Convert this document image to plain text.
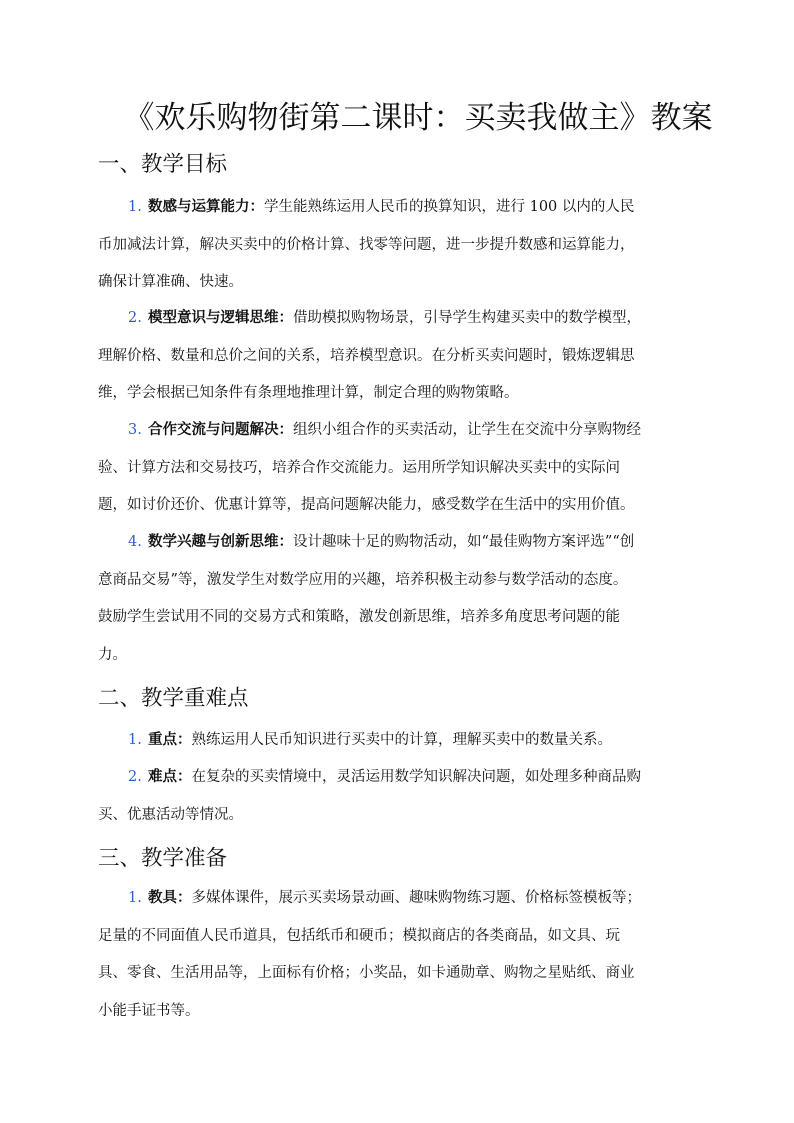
《欢乐购物街第二课时：买卖我做主》教案
一、教学目标
1. 数感与运算能力：学生能熟练运用人民币的换算知识，进行 100 以内的人民
币加减法计算，解决买卖中的价格计算、找零等问题，进一步提升数感和运算能力，
确保计算准确、快速。
2. 模型意识与逻辑思维：借助模拟购物场景，引导学生构建买卖中的数学模型，
理解价格、数量和总价之间的关系，培养模型意识。在分析买卖问题时，锻炼逻辑思
维，学会根据已知条件有条理地推理计算，制定合理的购物策略。
3. 合作交流与问题解决：组织小组合作的买卖活动，让学生在交流中分享购物经
验、计算方法和交易技巧，培养合作交流能力。运用所学知识解决买卖中的实际问
题，如讨价还价、优惠计算等，提高问题解决能力，感受数学在生活中的实用价值。
4. 数学兴趣与创新思维：设计趣味十足的购物活动，如“最佳购物方案评选”“创
意商品交易”等，激发学生对数学应用的兴趣，培养积极主动参与数学活动的态度。
鼓励学生尝试用不同的交易方式和策略，激发创新思维，培养多角度思考问题的能
力。
二、教学重难点
1. 重点：熟练运用人民币知识进行买卖中的计算，理解买卖中的数量关系。
2. 难点：在复杂的买卖情境中，灵活运用数学知识解决问题，如处理多种商品购
买、优惠活动等情况。
三、教学准备
1. 教具：多媒体课件，展示买卖场景动画、趣味购物练习题、价格标签模板等；
足量的不同面值人民币道具，包括纸币和硬币；模拟商店的各类商品，如文具、玩
具、零食、生活用品等，上面标有价格；小奖品，如卡通勋章、购物之星贴纸、商业
小能手证书等。
